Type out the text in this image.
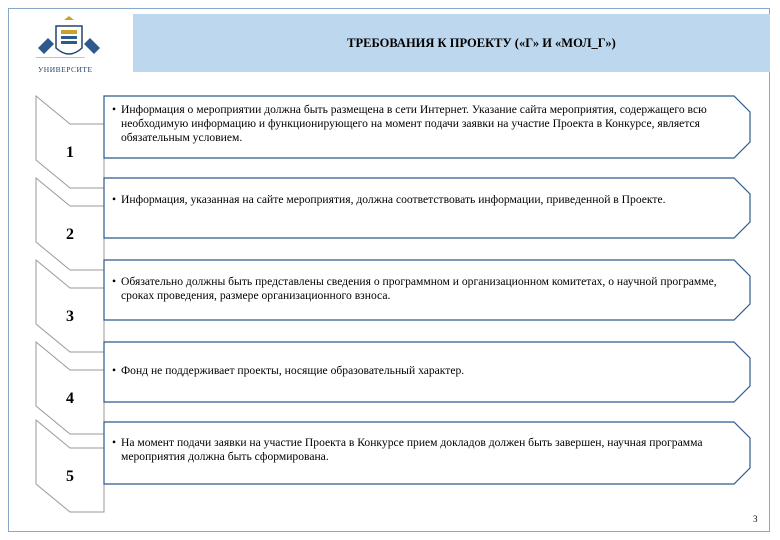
~~~~~~~~~~~~~~~~~~
УНИВЕРСИТЕ
ТРЕБОВАНИЯ К ПРОЕКТУ («Г» И «МОЛ_Г»)
1
• Информация о мероприятии должна быть размещена в сети Интернет. Указание сайта мероприятия, содержащего всю необходимую информацию и функционирующего на момент подачи заявки на участие Проекта в Конкурсе, является обязательным условием.
2
• Информация, указанная на сайте мероприятия, должна соответствовать информации, приведенной в Проекте.
3
• Обязательно должны быть представлены сведения о программном и организационном комитетах, о научной программе, сроках проведения, размере организационного взноса.
4
• Фонд не поддерживает проекты, носящие образовательный характер.
5
• На момент подачи заявки на участие Проекта в Конкурсе прием докладов должен быть завершен, научная программа мероприятия должна быть сформирована.
3
